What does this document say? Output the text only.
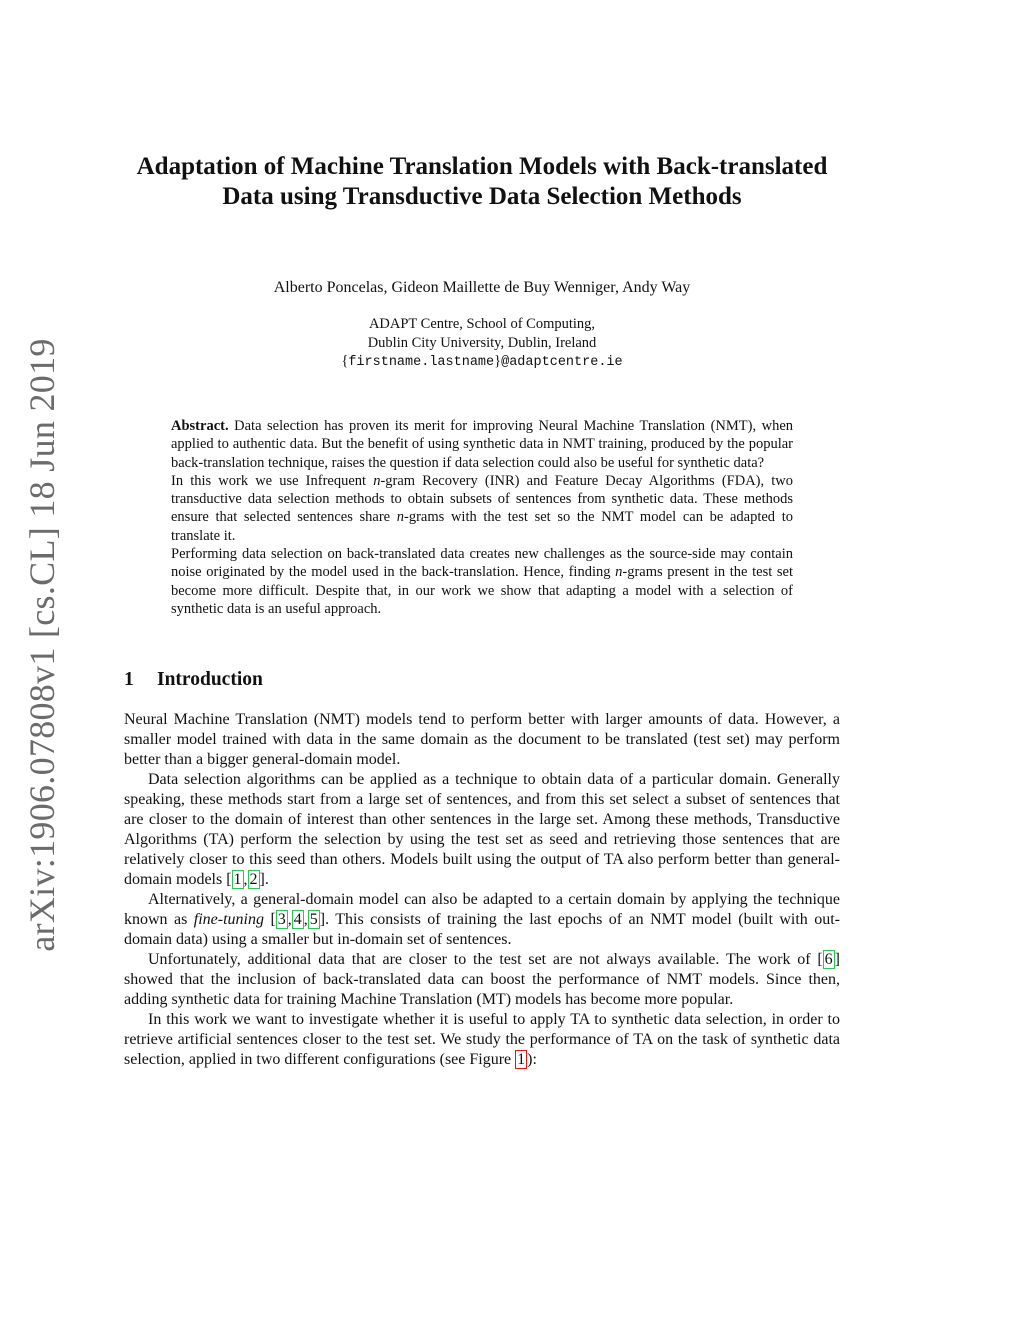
arXiv:1906.07808v1 [cs.CL] 18 Jun 2019
Adaptation of Machine Translation Models with Back-translated Data using Transductive Data Selection Methods

Alberto Poncelas, Gideon Maillette de Buy Wenniger, Andy Way

ADAPT Centre, School of Computing,
Dublin City University, Dublin, Ireland
{firstname.lastname}@adaptcentre.ie

Abstract. Data selection has proven its merit for improving Neural Machine Translation (NMT), when applied to authentic data. But the benefit of using synthetic data in NMT training, produced by the popular back-translation technique, raises the question if data selection could also be useful for synthetic data?

In this work we use Infrequent n-gram Recovery (INR) and Feature Decay Algorithms (FDA), two transductive data selection methods to obtain subsets of sentences from synthetic data. These methods ensure that selected sentences share n-grams with the test set so the NMT model can be adapted to translate it.

Performing data selection on back-translated data creates new challenges as the source-side may contain noise originated by the model used in the back-translation. Hence, finding n-grams present in the test set become more difficult. Despite that, in our work we show that adapting a model with a selection of synthetic data is an useful approach.

1 Introduction

Neural Machine Translation (NMT) models tend to perform better with larger amounts of data. However, a smaller model trained with data in the same domain as the document to be translated (test set) may perform better than a bigger general-domain model.

Data selection algorithms can be applied as a technique to obtain data of a particular domain. Generally speaking, these methods start from a large set of sentences, and from this set select a subset of sentences that are closer to the domain of interest than other sentences in the large set. Among these methods, Transductive Algorithms (TA) perform the selection by using the test set as seed and retrieving those sentences that are relatively closer to this seed than others. Models built using the output of TA also perform better than general-domain models [ 1 , 2 ].

Alternatively, a general-domain model can also be adapted to a certain domain by applying the technique known as fine-tuning [ 3 , 4 , 5 ]. This consists of training the last epochs of an NMT model (built with out-domain data) using a smaller but in-domain set of sentences.

Unfortunately, additional data that are closer to the test set are not always available. The work of [ 6 ] showed that the inclusion of back-translated data can boost the performance of NMT models. Since then, adding synthetic data for training Machine Translation (MT) models has become more popular.

In this work we want to investigate whether it is useful to apply TA to synthetic data selection, in order to retrieve artificial sentences closer to the test set. We study the performance of TA on the task of synthetic data selection, applied in two different configurations (see Figure 1 ):
